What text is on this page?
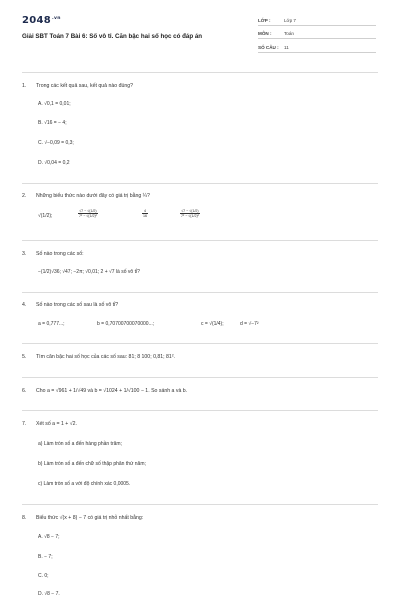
$2048^{.vn}$
Giải SBT Toán 7 Bài 6: Số vô tỉ. Căn bậc hai số học có đáp án
LỚP :	Lớp 7
MÔN :	Toán
SỐ CÂU : 11
1. Trong các kết quả sau, kết quả nào đúng?
A. √0,1 = 0,01;
B. √16 = − 4;
C. √−0,09 = 0,3;
D. √0,04 = 0,2
2. Những biểu thức nào dưới đây có giá trị bằng ¼?
√(1/2);	$\frac{√7 - √(1/2)}{\text{7² − √(1/2)²}}$	$\frac{4}{16}$	$\frac{√7 - √(1/2)}{\text{7² − √(1/2)²}}$
3. Số nào trong các số:
−(1/2)√36; √47; −2π; √0,01; 2 + √7 là số vô tỉ?
4. Số nào trong các số sau là số vô tỉ?
a = 0,777...;	b = 0,70700700070000...;	c = √(1/4);	d = √−7²
5. Tìm căn bậc hai số học của các số sau: 81; 8 100; 0,81; 81².
6. Cho a = √961 + 1/√49 và b = √1024 + 1/√100 − 1. So sánh a và b.
7. Xét số a = 1 + √2.
a) Làm tròn số a đến hàng phần trăm;
b) Làm tròn số a đến chữ số thập phân thứ năm;
c) Làm tròn số a với độ chính xác 0,0005.
8. Biểu thức √(x + 8) − 7 có giá trị nhỏ nhất bằng:
A. √8 − 7;
B. − 7;
C. 0;
D. √8 − 7.
